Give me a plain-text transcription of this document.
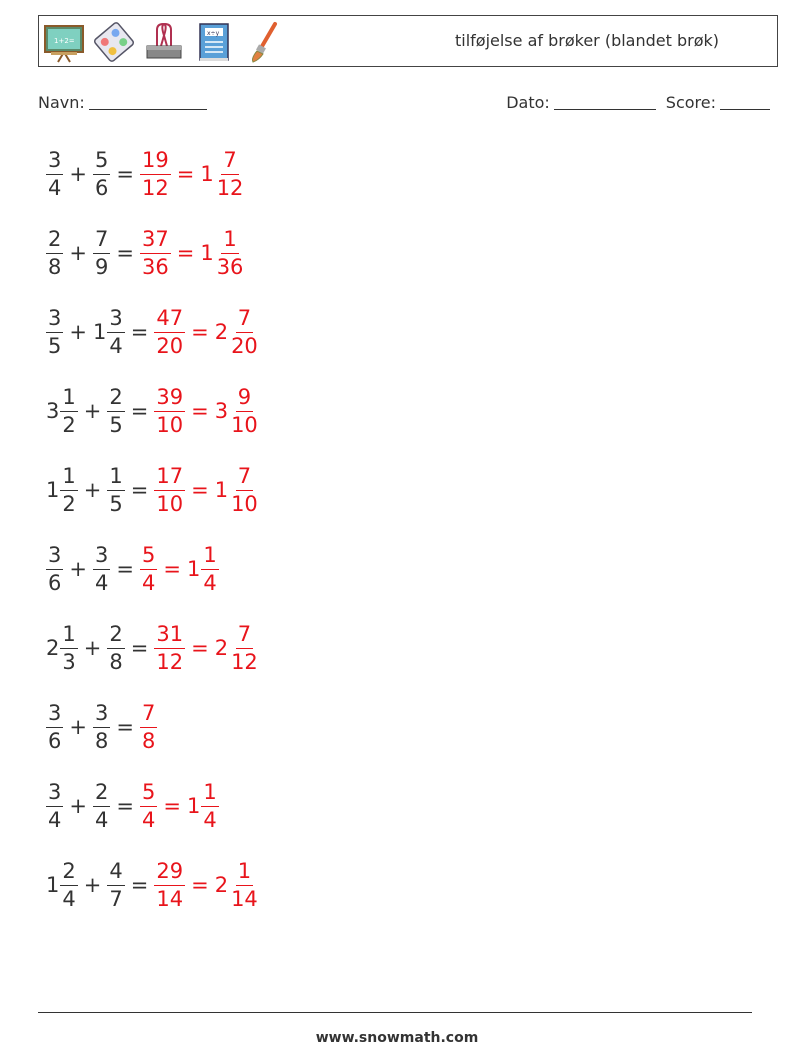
1+2=
x÷y	tilføjelse af brøker (blandet brøk)
Navn:	Dato:	Score:
$\frac{3}{4} + \frac{5}{6} = \frac{19}{12} = 1 \frac{7}{12}$
$\frac{2}{8} + \frac{7}{9} = \frac{37}{36} = 1 \frac{1}{36}$
$\frac{3}{5} + 1 \frac{3}{4} = \frac{47}{20} = 2 \frac{7}{20}$
$3 \frac{1}{2} + \frac{2}{5} = \frac{39}{10} = 3 \frac{9}{10}$
$1 \frac{1}{2} + \frac{1}{5} = \frac{17}{10} = 1 \frac{7}{10}$
$\frac{3}{6} + \frac{3}{4} = \frac{5}{4} = 1 \frac{1}{4}$
$2 \frac{1}{3} + \frac{2}{8} = \frac{31}{12} = 2 \frac{7}{12}$
$\frac{3}{6} + \frac{3}{8} = \frac{7}{8}$
$\frac{3}{4} + \frac{2}{4} = \frac{5}{4} = 1 \frac{1}{4}$
$1 \frac{2}{4} + \frac{4}{7} = \frac{29}{14} = 2 \frac{1}{14}$
www.snowmath.com
